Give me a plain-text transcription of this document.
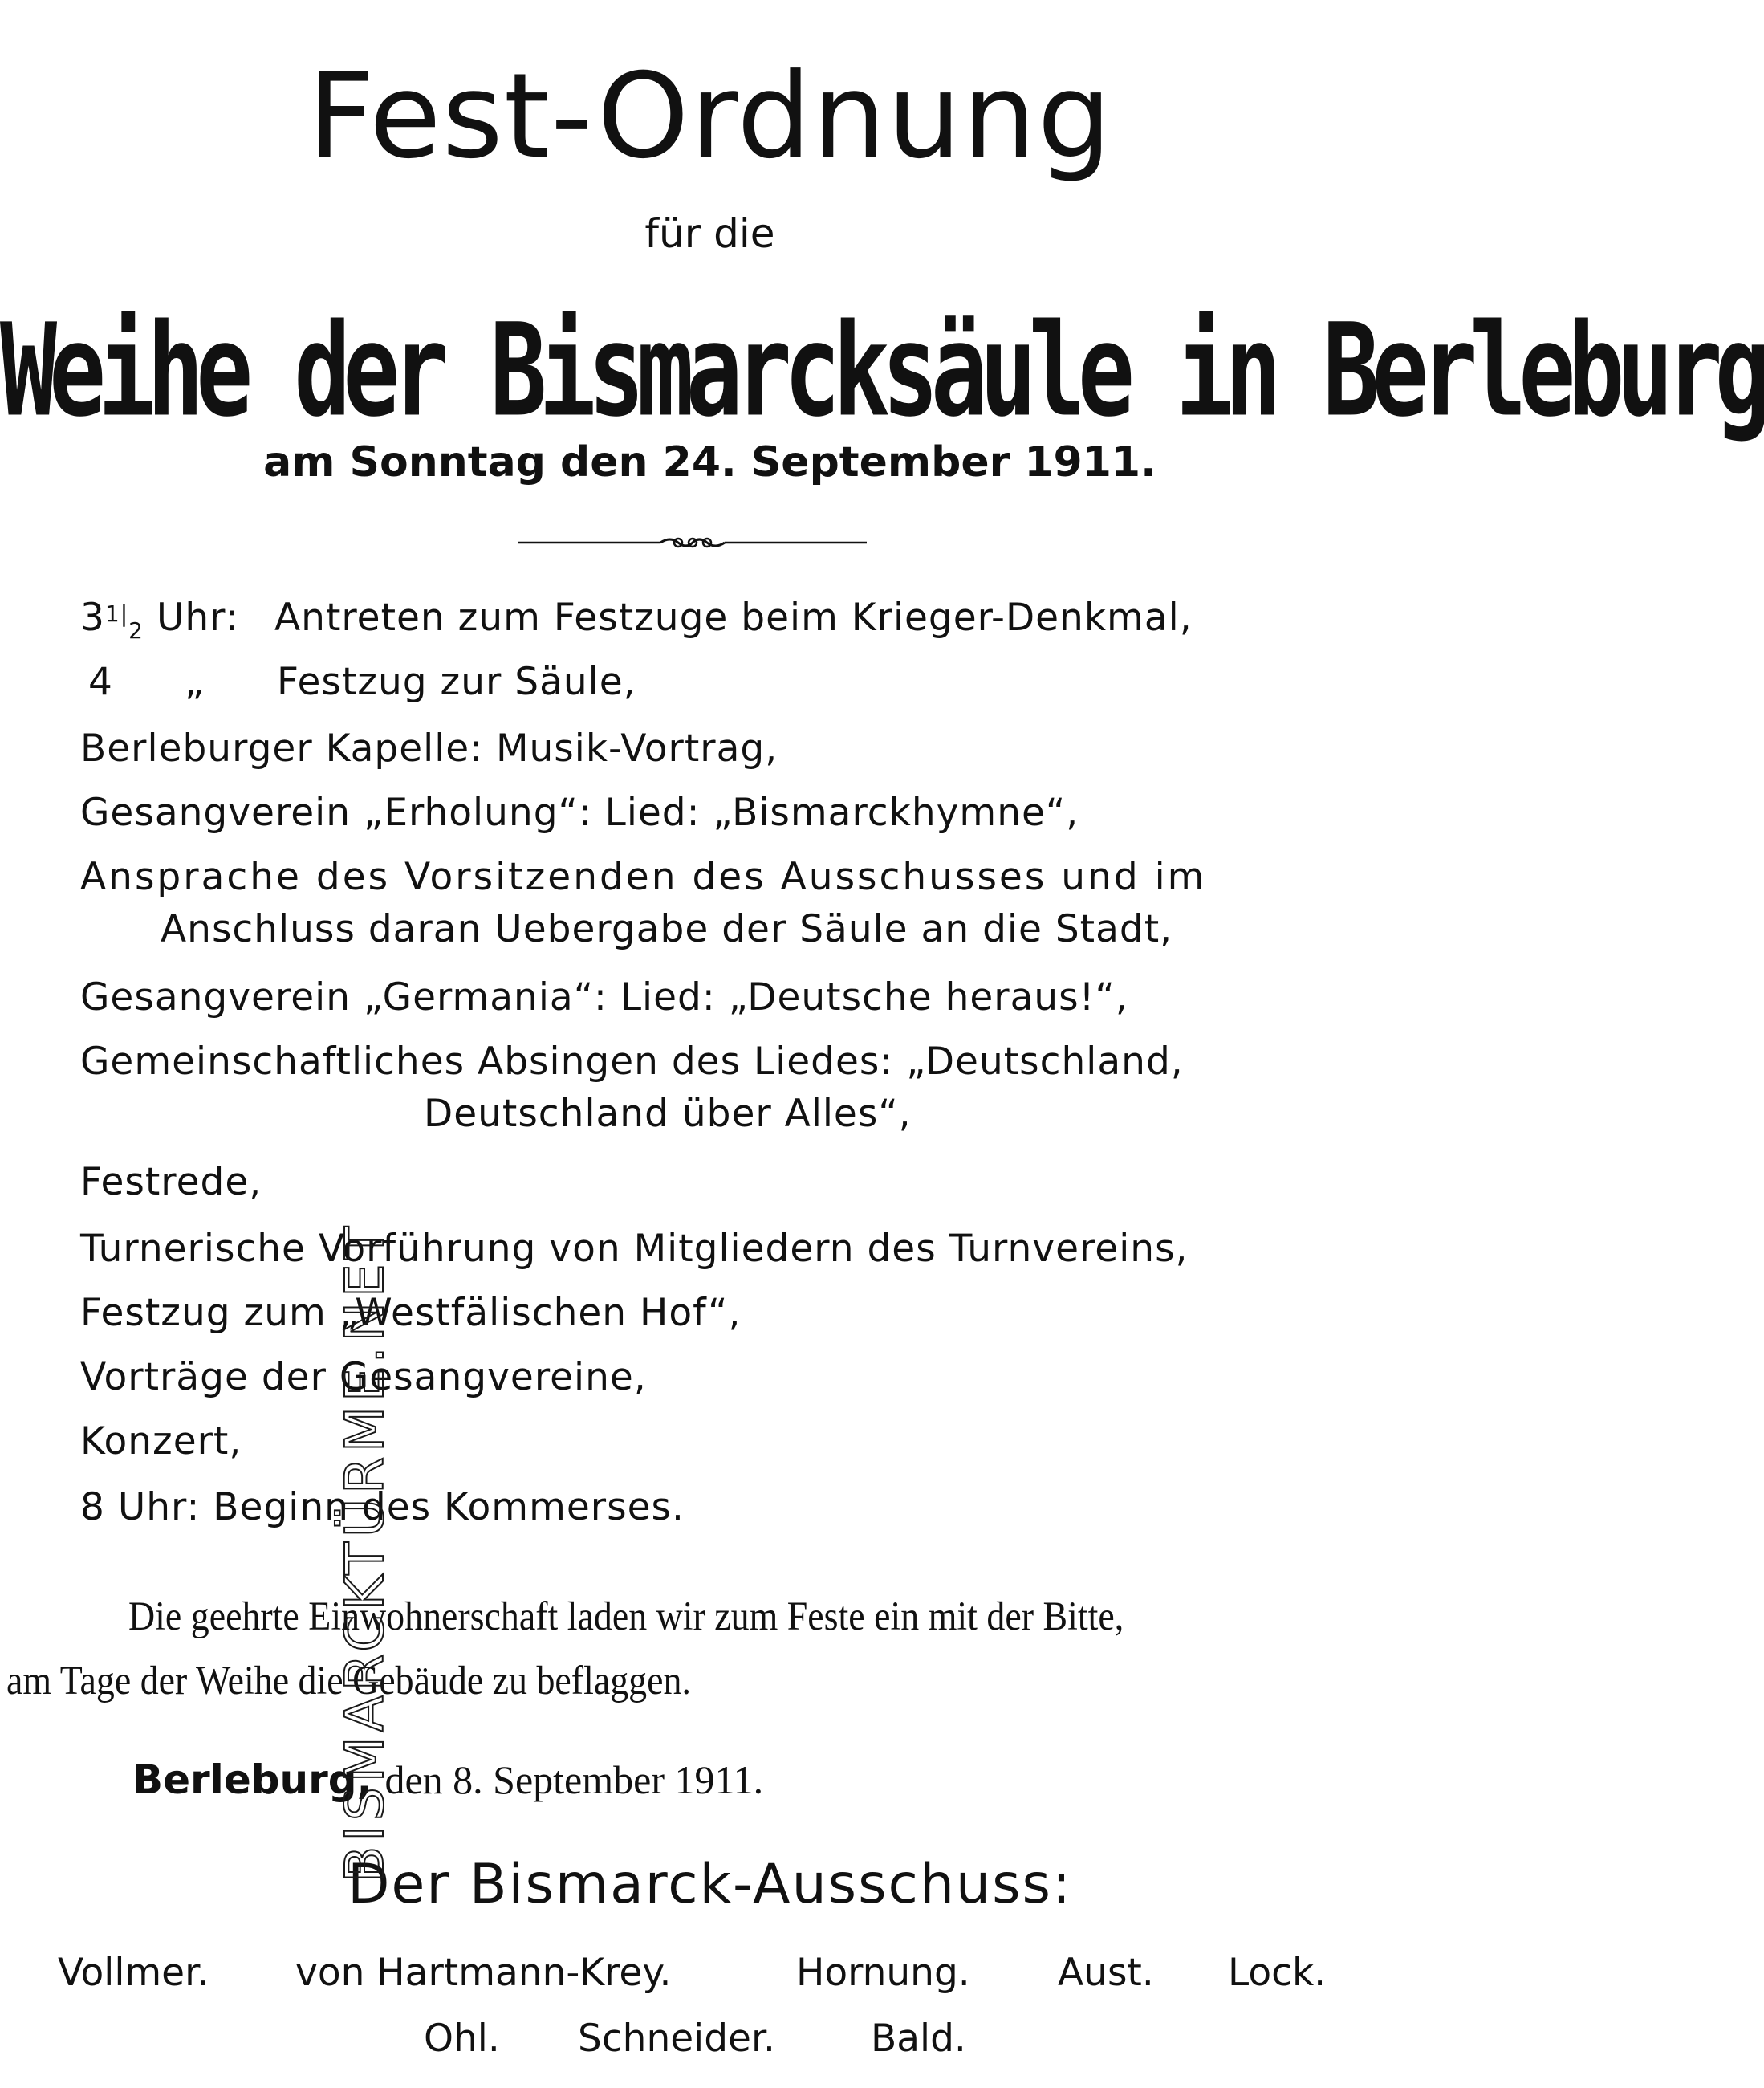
Fest-Ordnung
für die
Weihe der Bismarcksäule in Berleburg
am Sonntag den 24. September 1911.
$3^{1|}_2$ Uhr: Antreten zum Festzuge beim Krieger-Denkmal,
4 „ Festzug zur Säule,
Berleburger Kapelle: Musik-Vortrag,
Gesangverein „Erholung“: Lied: „Bismarckhymne“,
Ansprache des Vorsitzenden des Ausschusses und im
Anschluss daran Uebergabe der Säule an die Stadt,
Gesangverein „Germania“: Lied: „Deutsche heraus!“,
Gemeinschaftliches Absingen des Liedes: „Deutschland,
Deutschland über Alles“,
Festrede,
Turnerische Vorführung von Mitgliedern des Turnvereins,
Festzug zum „Westfälischen Hof“,
Vorträge der Gesangvereine,
Konzert,
8 Uhr: Beginn des Kommerses.
Die geehrte Einwohnerschaft laden wir zum Feste ein mit der Bitte,
am Tage der Weihe die Gebäude zu beflaggen.
Berleburg, den 8. September 1911.
Der Bismarck-Ausschuss:
Vollmer. von Hartmann-Krey.	Hornung. Aust. Lock.
Ohl. Schneider.	Bald.
BISMARCKTÜRME.NET
